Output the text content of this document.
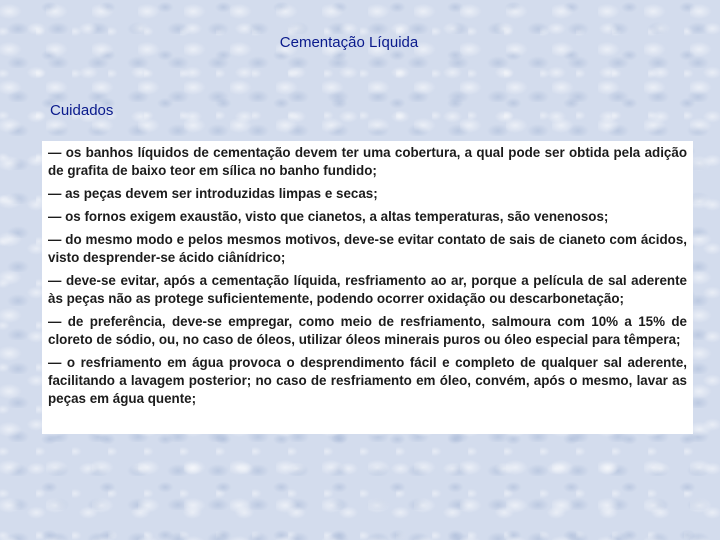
Cementação Líquida
Cuidados

— os banhos líquidos de cementação devem ter uma cobertura, a qual pode ser obtida pela adição de grafita de baixo teor em sílica no banho fundido;

— as peças devem ser introduzidas limpas e secas;

— os fornos exigem exaustão, visto que cianetos, a altas temperaturas, são venenosos;

— do mesmo modo e pelos mesmos motivos, deve-se evitar contato de sais de cianeto com ácidos, visto desprender-se ácido ciânídrico;

— deve-se evitar, após a cementação líquida, resfriamento ao ar, porque a película de sal aderente às peças não as protege suficientemente, podendo ocorrer oxidação ou descarbonetação;

— de preferência, deve-se empregar, como meio de resfriamento, salmoura com 10% a 15% de cloreto de sódio, ou, no caso de óleos, utilizar óleos minerais puros ou óleo especial para têmpera;

— o resfriamento em água provoca o desprendimento fácil e completo de qualquer sal aderente, facilitando a lavagem posterior; no caso de resfriamento em óleo, convém, após o mesmo, lavar as peças em água quente;
